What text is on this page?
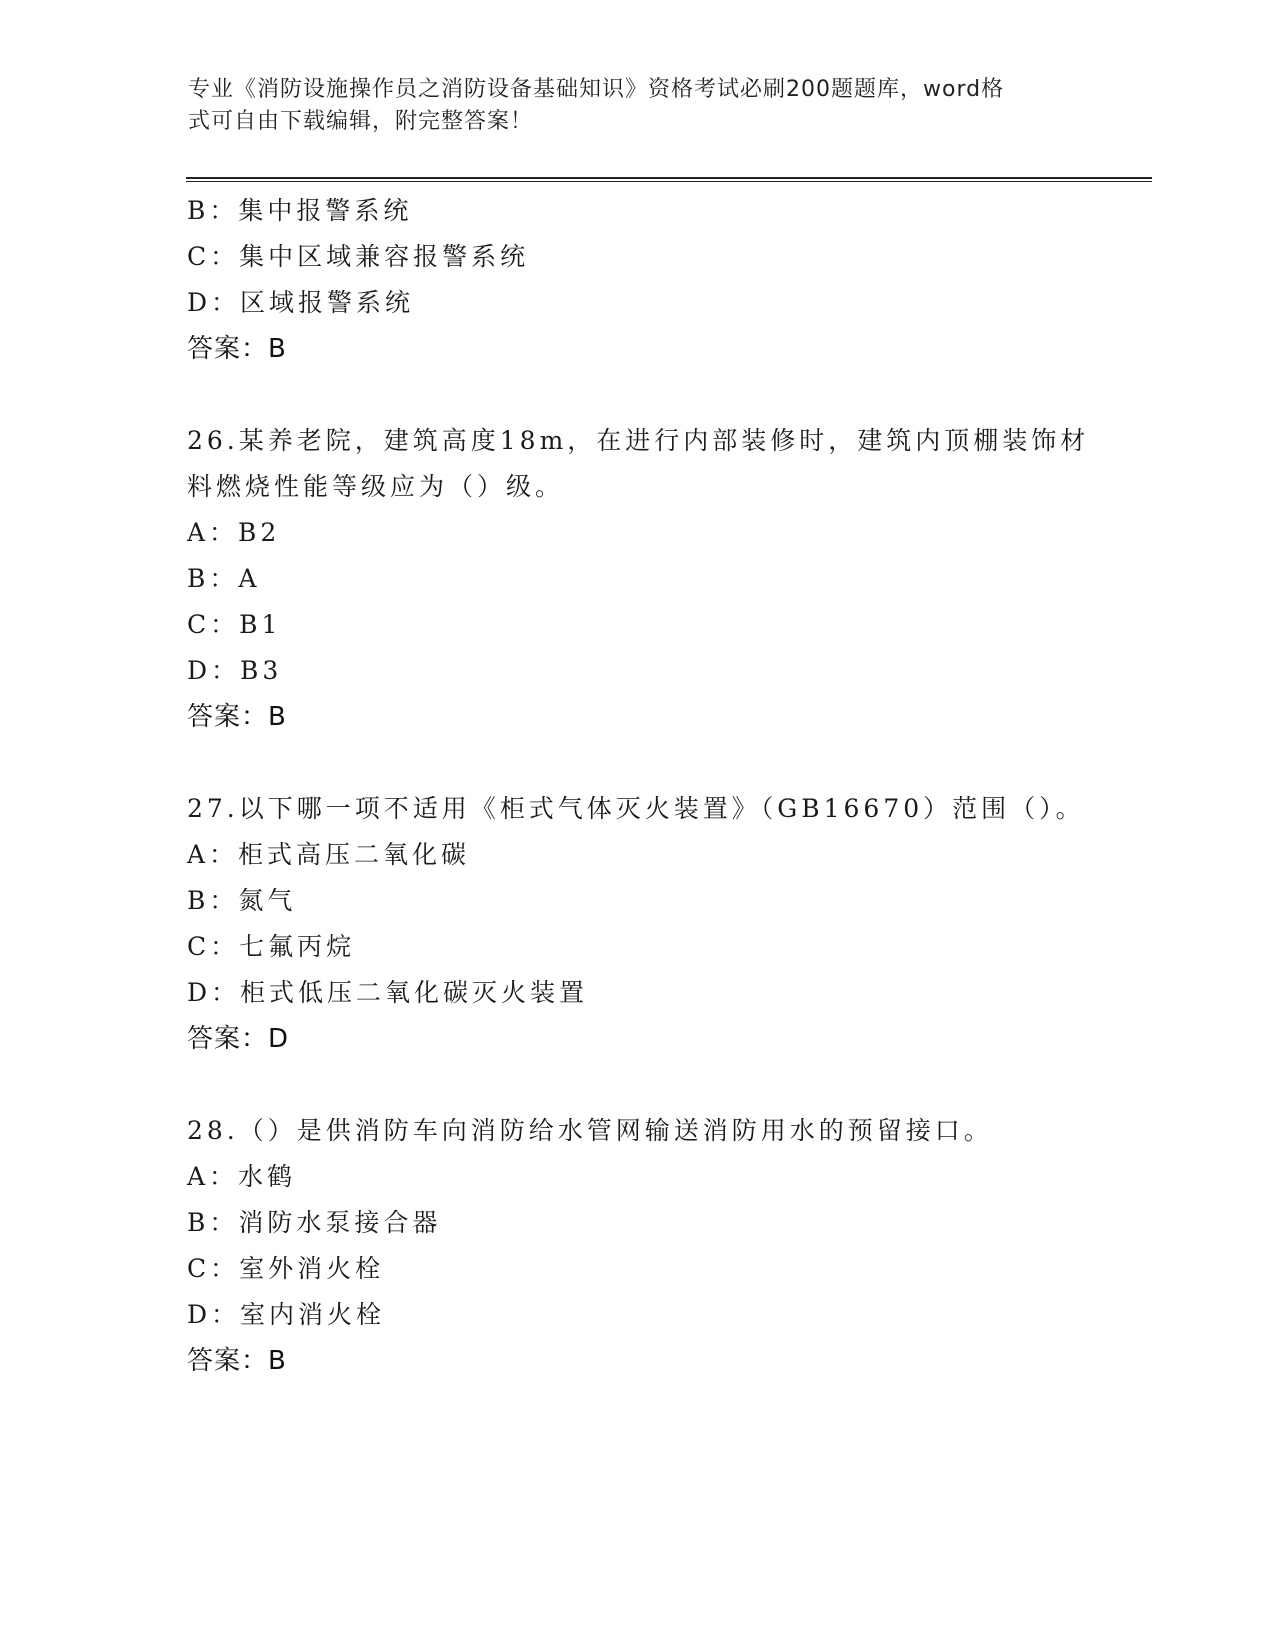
专业《消防设施操作员之消防设备基础知识》资格考试必刷200题题库，word格
式可自由下载编辑，附完整答案！
B：集中报警系统
C：集中区域兼容报警系统
D：区域报警系统
答案：B
26.某养老院，建筑高度18m，在进行内部装修时，建筑内顶棚装饰材
料燃烧性能等级应为（）级。
A：B2
B：A
C：B1
D：B3
答案：B
27.以下哪一项不适用《柜式气体灭火装置》（GB16670）范围（）。
A：柜式高压二氧化碳
B：氮气
C：七氟丙烷
D：柜式低压二氧化碳灭火装置
答案：D
28.（）是供消防车向消防给水管网输送消防用水的预留接口。
A：水鹤
B：消防水泵接合器
C：室外消火栓
D：室内消火栓
答案：B
